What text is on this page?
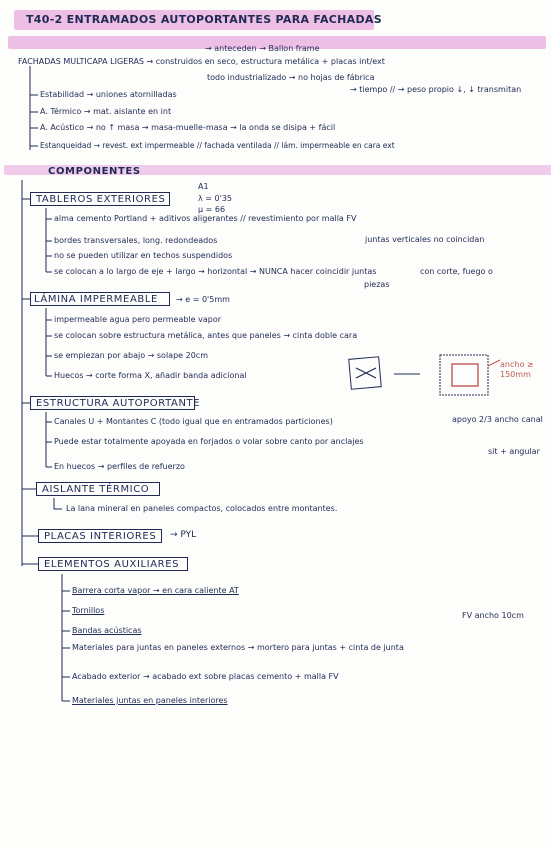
T40-2 ENTRAMADOS AUTOPORTANTES PARA FACHADAS
→ anteceden → Ballon frame
FACHADAS MULTICAPA LIGERAS → construidos en seco, estructura metálica + placas int/ext
todo industrializado → no hojas de fábrica
→ tiempo // → peso propio ↓, ↓ transmitan
Estabilidad → uniones atornilladas
A. Térmico → mat. aislante en int
A. Acústico → no ↑ masa → masa-muelle-masa → la onda se disipa + fácil
Estanqueidad → revest. ext impermeable // fachada ventilada // lám. impermeable en cara ext
COMPONENTES
TABLEROS EXTERIORES
A1
λ = 0'35
μ = 66
alma cemento Portland + aditivos aligerantes // revestimiento por malla FV
bordes transversales, long. redondeados
no se pueden utilizar en techos suspendidos
se colocan a lo largo de eje + largo → horizontal → NUNCA hacer coincidir juntas
juntas verticales no coincidan
con corte, fuego o
piezas
LÁMINA IMPERMEABLE → e = 0'5mm
impermeable agua pero permeable vapor
se colocan sobre estructura metálica, antes que paneles → cinta doble cara
se empiezan por abajo → solape 20cm
Huecos → corte forma X, añadir banda adicional
ancho ≥ 150mm
ESTRUCTURA AUTOPORTANTE
Canales U + Montantes C (todo igual que en entramados particiones)
Puede estar totalmente apoyada en forjados o volar sobre canto por anclajes
En huecos → perfiles de refuerzo
apoyo 2/3 ancho canal
sit + angular
AISLANTE TÉRMICO
La lana mineral en paneles compactos, colocados entre montantes.
PLACAS INTERIORES → PYL
ELEMENTOS AUXILIARES
Barrera corta vapor → en cara caliente AT
Tornillos
Bandas acústicas
Materiales para juntas en paneles externos → mortero para juntas + cinta de junta
Acabado exterior → acabado ext sobre placas cemento + malla FV
Materiales juntas en paneles interiores
FV ancho 10cm
